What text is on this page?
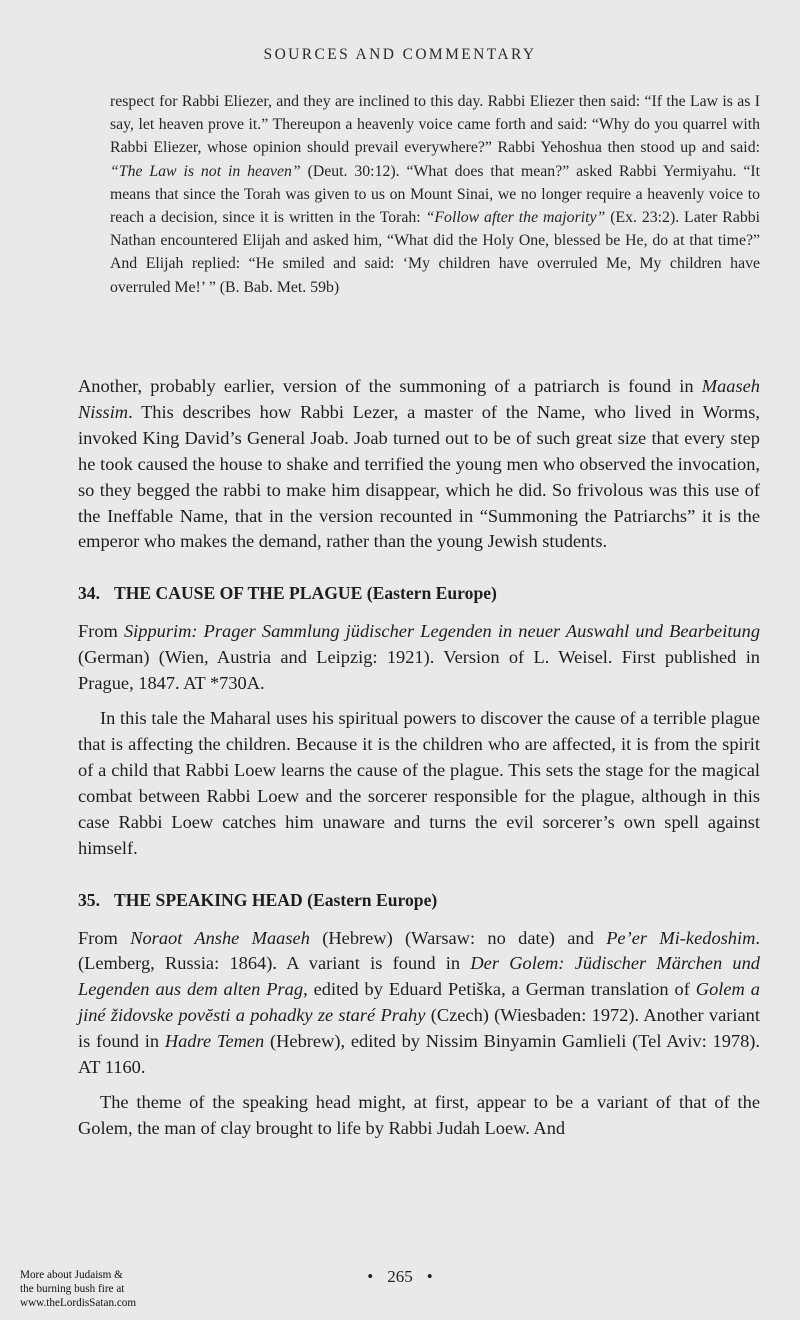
SOURCES AND COMMENTARY

respect for Rabbi Eliezer, and they are inclined to this day. Rabbi Eliezer then said: “If the Law is as I say, let heaven prove it.” Thereupon a heavenly voice came forth and said: “Why do you quarrel with Rabbi Eliezer, whose opinion should prevail everywhere?” Rabbi Yehoshua then stood up and said: “The Law is not in heaven” (Deut. 30:12). “What does that mean?” asked Rabbi Yermiyahu. “It means that since the Torah was given to us on Mount Sinai, we no longer require a heavenly voice to reach a decision, since it is written in the Torah: “Follow after the majority” (Ex. 23:2). Later Rabbi Nathan encountered Elijah and asked him, “What did the Holy One, blessed be He, do at that time?” And Elijah replied: “He smiled and said: ‘My children have overruled Me, My children have overruled Me!’ ” (B. Bab. Met. 59b)

Another, probably earlier, version of the summoning of a patriarch is found in Maaseh Nissim. This describes how Rabbi Lezer, a master of the Name, who lived in Worms, invoked King David’s General Joab. Joab turned out to be of such great size that every step he took caused the house to shake and terrified the young men who observed the invocation, so they begged the rabbi to make him disappear, which he did. So frivolous was this use of the Ineffable Name, that in the version recounted in “Summoning the Patriarchs” it is the emperor who makes the demand, rather than the young Jewish students.

34. THE CAUSE OF THE PLAGUE (Eastern Europe)

From Sippurim: Prager Sammlung jüdischer Legenden in neuer Auswahl und Bearbeitung (German) (Wien, Austria and Leipzig: 1921). Version of L. Weisel. First published in Prague, 1847. AT *730A.

In this tale the Maharal uses his spiritual powers to discover the cause of a terrible plague that is affecting the children. Because it is the children who are affected, it is from the spirit of a child that Rabbi Loew learns the cause of the plague. This sets the stage for the magical combat between Rabbi Loew and the sorcerer responsible for the plague, although in this case Rabbi Loew catches him unaware and turns the evil sorcerer’s own spell against himself.

35. THE SPEAKING HEAD (Eastern Europe)

From Noraot Anshe Maaseh (Hebrew) (Warsaw: no date) and Pe’er Mi-kedoshim. (Lemberg, Russia: 1864). A variant is found in Der Golem: Jüdischer Märchen und Legenden aus dem alten Prag, edited by Eduard Petiška, a German translation of Golem a jiné židovske povĕsti a pohadky ze staré Prahy (Czech) (Wiesbaden: 1972). Another variant is found in Hadre Temen (Hebrew), edited by Nissim Binyamin Gamlieli (Tel Aviv: 1978). AT 1160.

The theme of the speaking head might, at first, appear to be a variant of that of the Golem, the man of clay brought to life by Rabbi Judah Loew. And

• 265 •
More about Judaism &
the burning bush fire at
www.theLordisSatan.com
